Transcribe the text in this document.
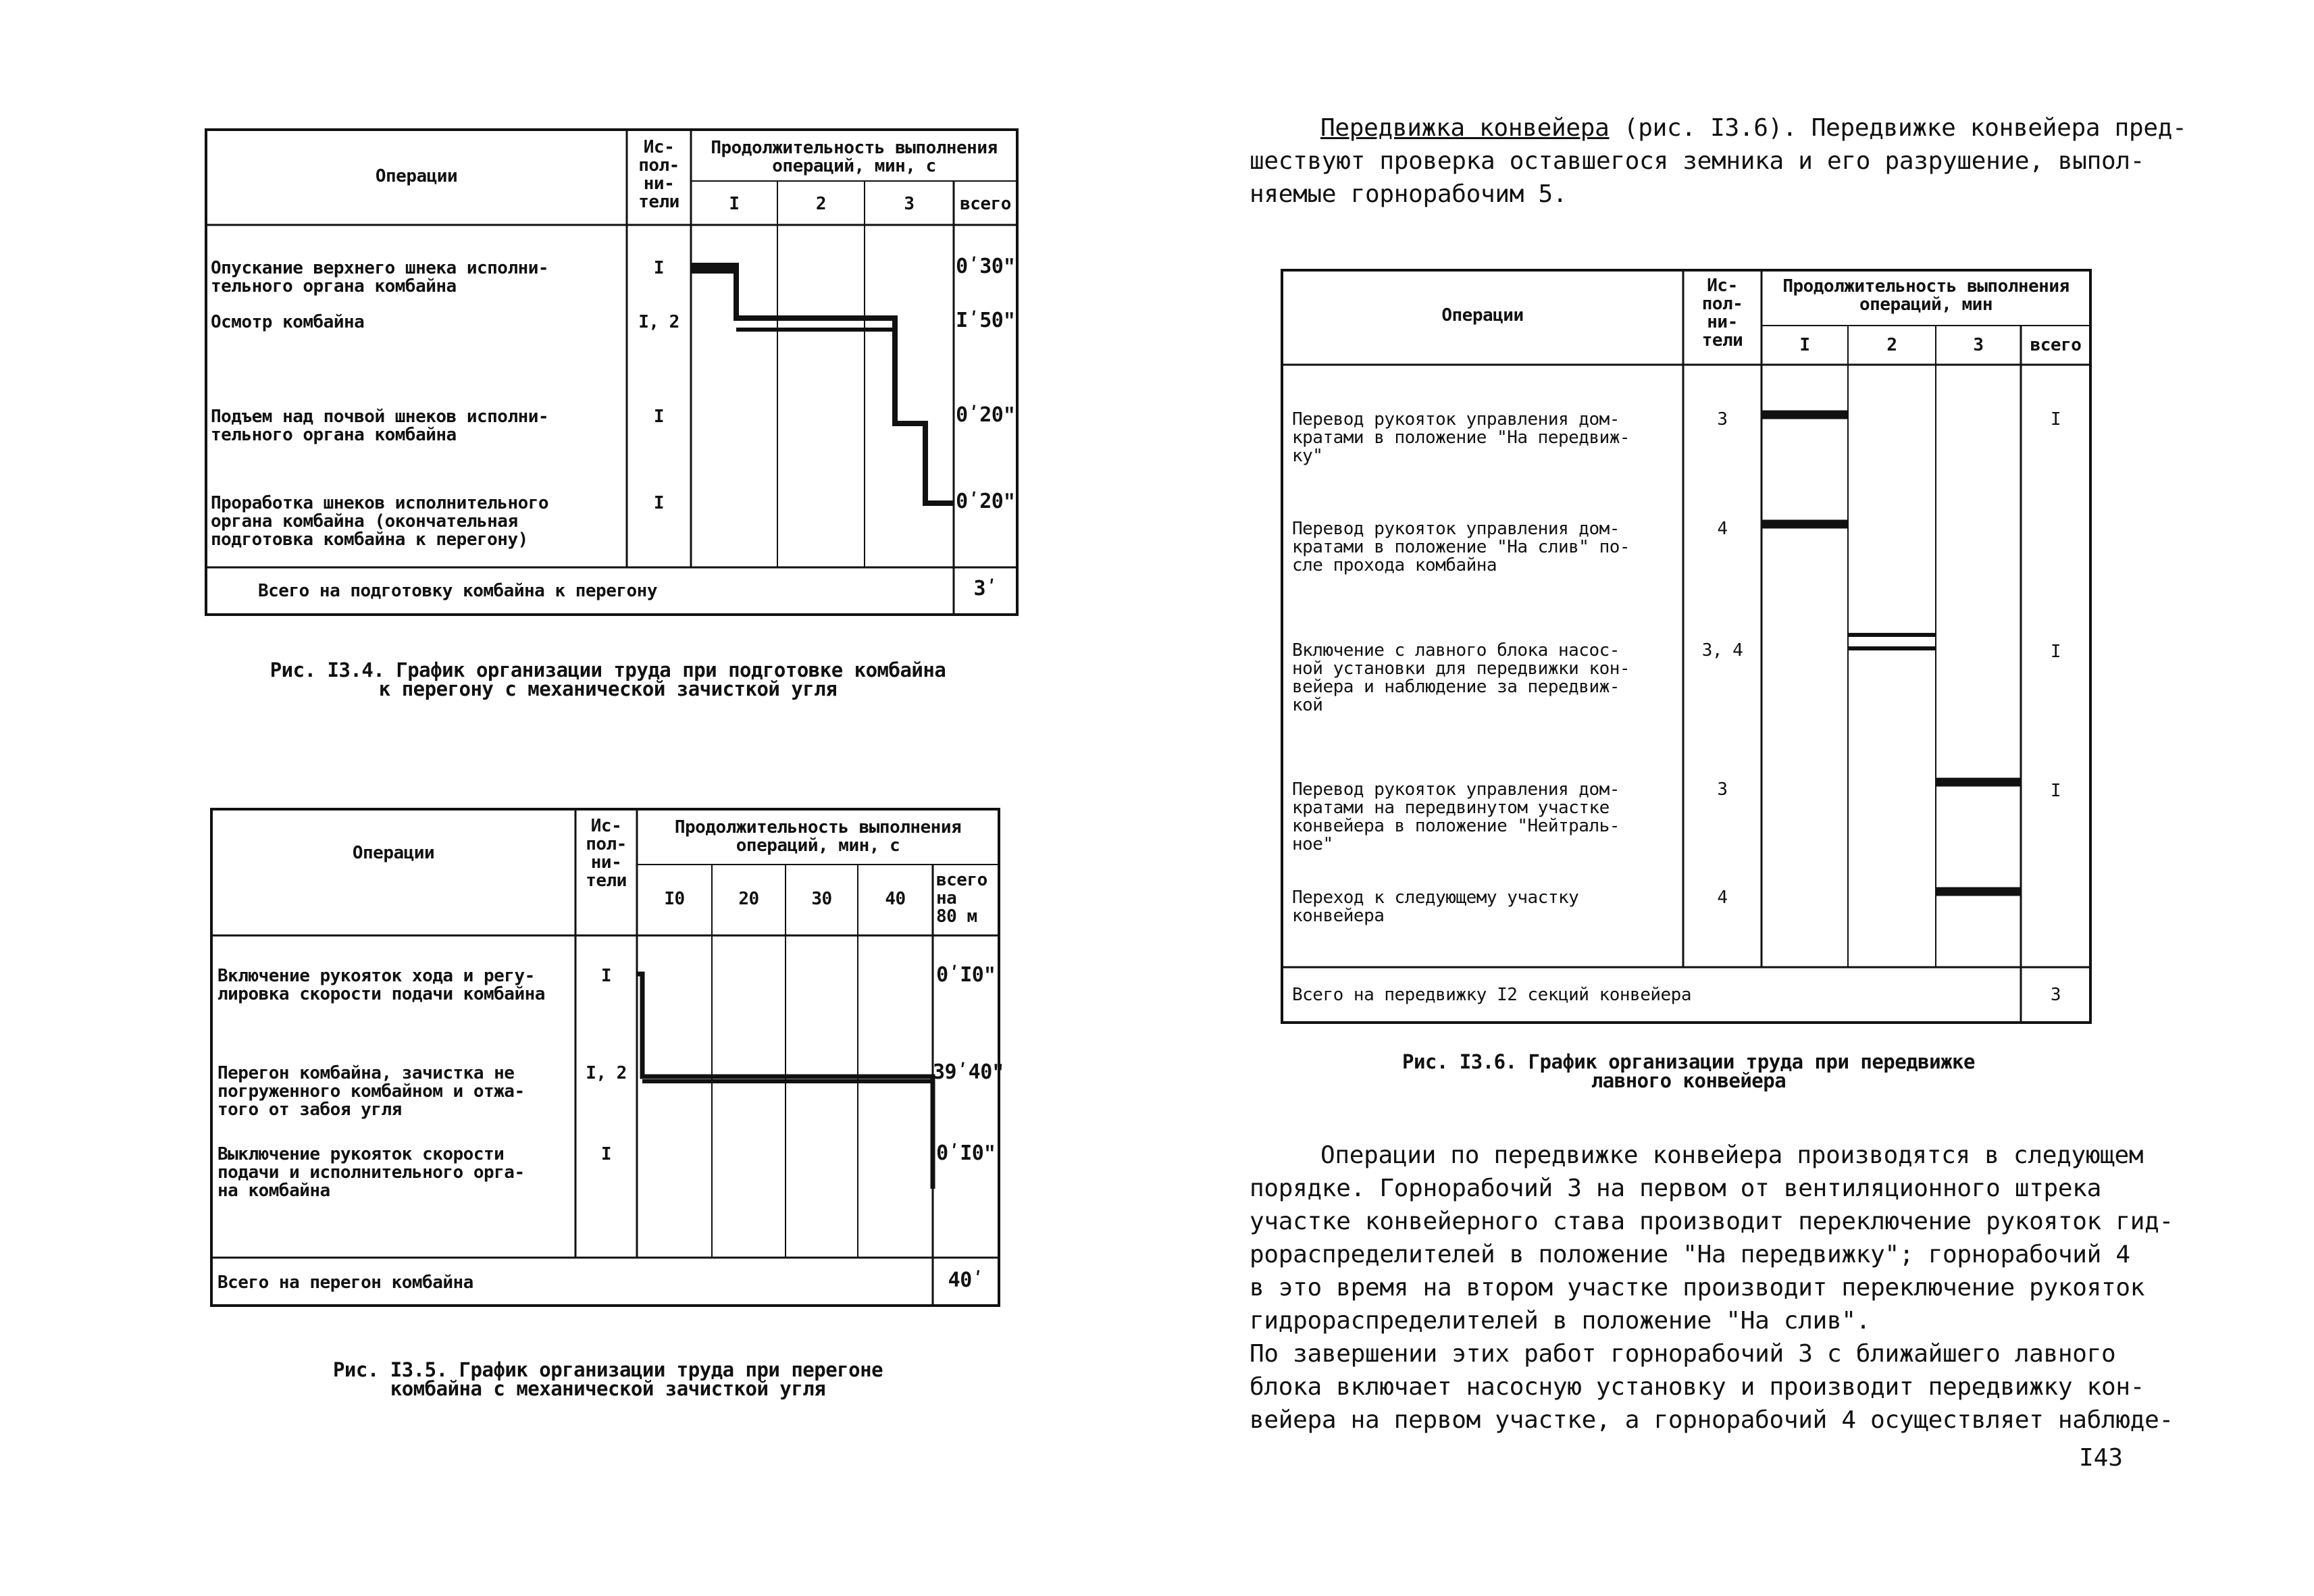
Операции
Ис-
пол-
ни-
тели
Продолжительность выполнения
операций, мин, с
I	2	3	всего
Опускание верхнего шнека исполни-
тельного органа комбайна
I	0ʹ30ʺ
Осмотр комбайна	I, 2	Iʹ50ʺ
Подъем над почвой шнеков исполни-
тельного органа комбайна
I	0ʹ20ʺ
Проработка шнеков исполнительного
органа комбайна (окончательная
подготовка комбайна к перегону)
I	0ʹ20ʺ
Всего на подготовку комбайна к перегону	3ʹ
Рис. I3.4. График организации труда при подготовке комбайна
к перегону с механической зачисткой угля
Операции
Ис-
пол-
ни-
тели
Продолжительность выполнения
операций, мин, с
I0	20	30	40
всего
на
80 м
Включение рукояток хода и регу-
лировка скорости подачи комбайна
I	0ʹI0ʺ
Перегон комбайна, зачистка не
погруженного комбайном и отжа-
того от забоя угля
I, 2	39ʹ40ʺ
Выключение рукояток скорости
подачи и исполнительного орга-
на комбайна
I	0ʹI0ʺ
Всего на перегон комбайна	40ʹ
Рис. I3.5. График организации труда при перегоне
комбайна с механической зачисткой угля
Передвижка конвейера (рис. I3.6). Передвижке конвейера пред-
шествуют проверка оставшегося земника и его разрушение, выпол-
няемые горнорабочим 5.
Операции
Ис-
пол-
ни-
тели
Продолжительность выполнения
операций, мин
I	2	3	всего
Перевод рукояток управления дом-
кратами в положение "На передвиж-
ку"
3	I
Перевод рукояток управления дом-
кратами в положение "На слив" по-
сле прохода комбайна
4
Включение с лавного блока насос-
ной установки для передвижки кон-
вейера и наблюдение за передвиж-
кой
3, 4	I
Перевод рукояток управления дом-
кратами на передвинутом участке
конвейера в положение "Нейтраль-
ное"
3	I
Переход к следующему участку
конвейера
4
Всего на передвижку I2 секций конвейера	3
Рис. I3.6. График организации труда при передвижке
лавного конвейера
Операции по передвижке конвейера производятся в следующем
порядке. Горнорабочий 3 на первом от вентиляционного штрека
участке конвейерного става производит переключение рукояток гид-
рораспределителей в положение "На передвижку"; горнорабочий 4
в это время на втором участке производит переключение рукояток
гидрораспределителей в положение "На слив".
По завершении этих работ горнорабочий 3 с ближайшего лавного
блока включает насосную установку и производит передвижку кон-
вейера на первом участке, а горнорабочий 4 осуществляет наблюде-
I43
